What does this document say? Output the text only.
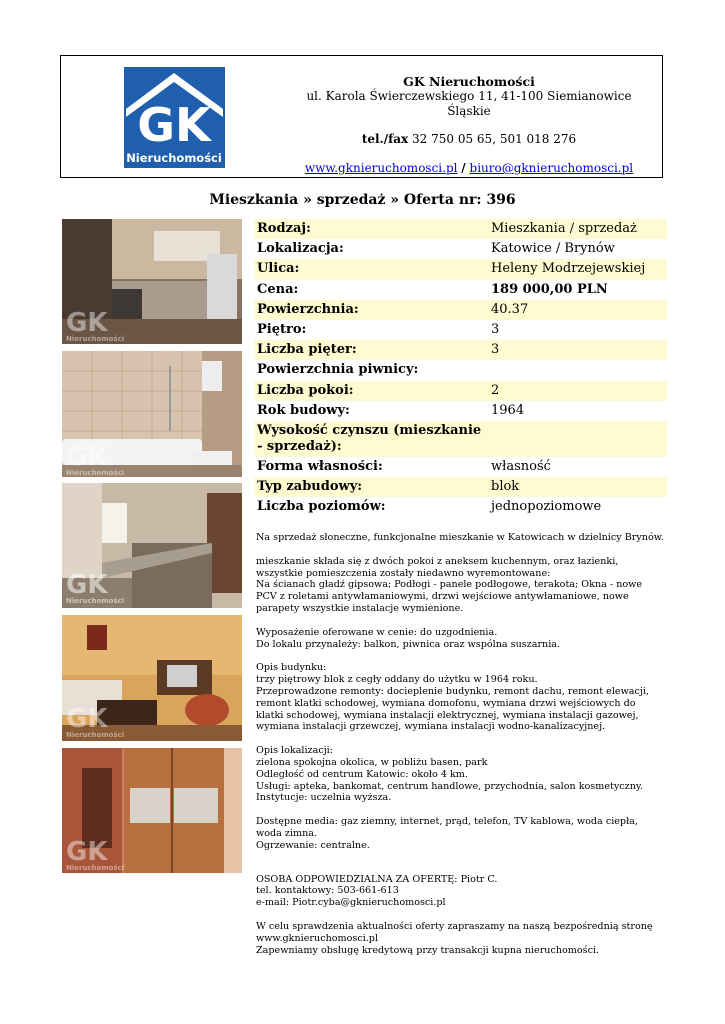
GK
Nieruchomości
GK Nieruchomości
ul. Karola Świerczewskiego 11, 41-100 Siemianowice Śląskie
tel./fax 32 750 05 65, 501 018 276
www.gknieruchomosci.pl / biuro@gknieruchomosci.pl
Mieszkania » sprzedaż » Oferta nr: 396
GK
Nieruchomości
GK
Nieruchomości
GK
Nieruchomości
GK
Nieruchomości
GK
Nieruchomości
Rodzaj:	Mieszkania / sprzedaż
Lokalizacja:	Katowice / Brynów
Ulica:	Heleny Modrzejewskiej
Cena:	189 000,00 PLN
Powierzchnia:	40.37
Piętro:	3
Liczba pięter:	3
Powierzchnia piwnicy:	
Liczba pokoi:	2
Rok budowy:	1964
Wysokość czynszu (mieszkanie - sprzedaż):	
Forma własności:	własność
Typ zabudowy:	blok
Liczba poziomów:	jednopoziomowe

Na sprzedaż słoneczne, funkcjonalne mieszkanie w Katowicach w dzielnicy Brynów.

mieszkanie składa się z dwóch pokoi z aneksem kuchennym, oraz łazienki, wszystkie pomieszczenia zostały niedawno wyremontowane:
Na ścianach gładź gipsowa; Podłogi - panele podłogowe, terakota; Okna - nowe PCV z roletami antywłamaniowymi, drzwi wejściowe antywłamaniowe, nowe parapety wszystkie instalacje wymienione.

Wyposażenie oferowane w cenie: do uzgodnienia.
Do lokalu przynależy: balkon, piwnica oraz wspólna suszarnia.

Opis budynku:
trzy piętrowy blok z cegły oddany do użytku w 1964 roku.
Przeprowadzone remonty: docieplenie budynku, remont dachu, remont elewacji, remont klatki schodowej, wymiana domofonu, wymiana drzwi wejściowych do klatki schodowej, wymiana instalacji elektrycznej, wymiana instalacji gazowej, wymiana instalacji grzewczej, wymiana instalacji wodno-kanalizacyjnej.

Opis lokalizacji:
zielona spokojna okolica, w pobliżu basen, park
Odległość od centrum Katowic: około 4 km.
Usługi: apteka, bankomat, centrum handlowe, przychodnia, salon kosmetyczny.
Instytucje: uczelnia wyższa.

Dostępne media: gaz ziemny, internet, prąd, telefon, TV kablowa, woda ciepła, woda zimna.
Ogrzewanie: centralne.

OSOBA ODPOWIEDZIALNA ZA OFERTĘ: Piotr C.
tel. kontaktowy: 503-661-613
e-mail: Piotr.cyba@gknieruchomosci.pl

W celu sprawdzenia aktualności oferty zapraszamy na naszą bezpośrednią stronę
www.gknieruchomosci.pl
Zapewniamy obsługę kredytową przy transakcji kupna nieruchomości.
